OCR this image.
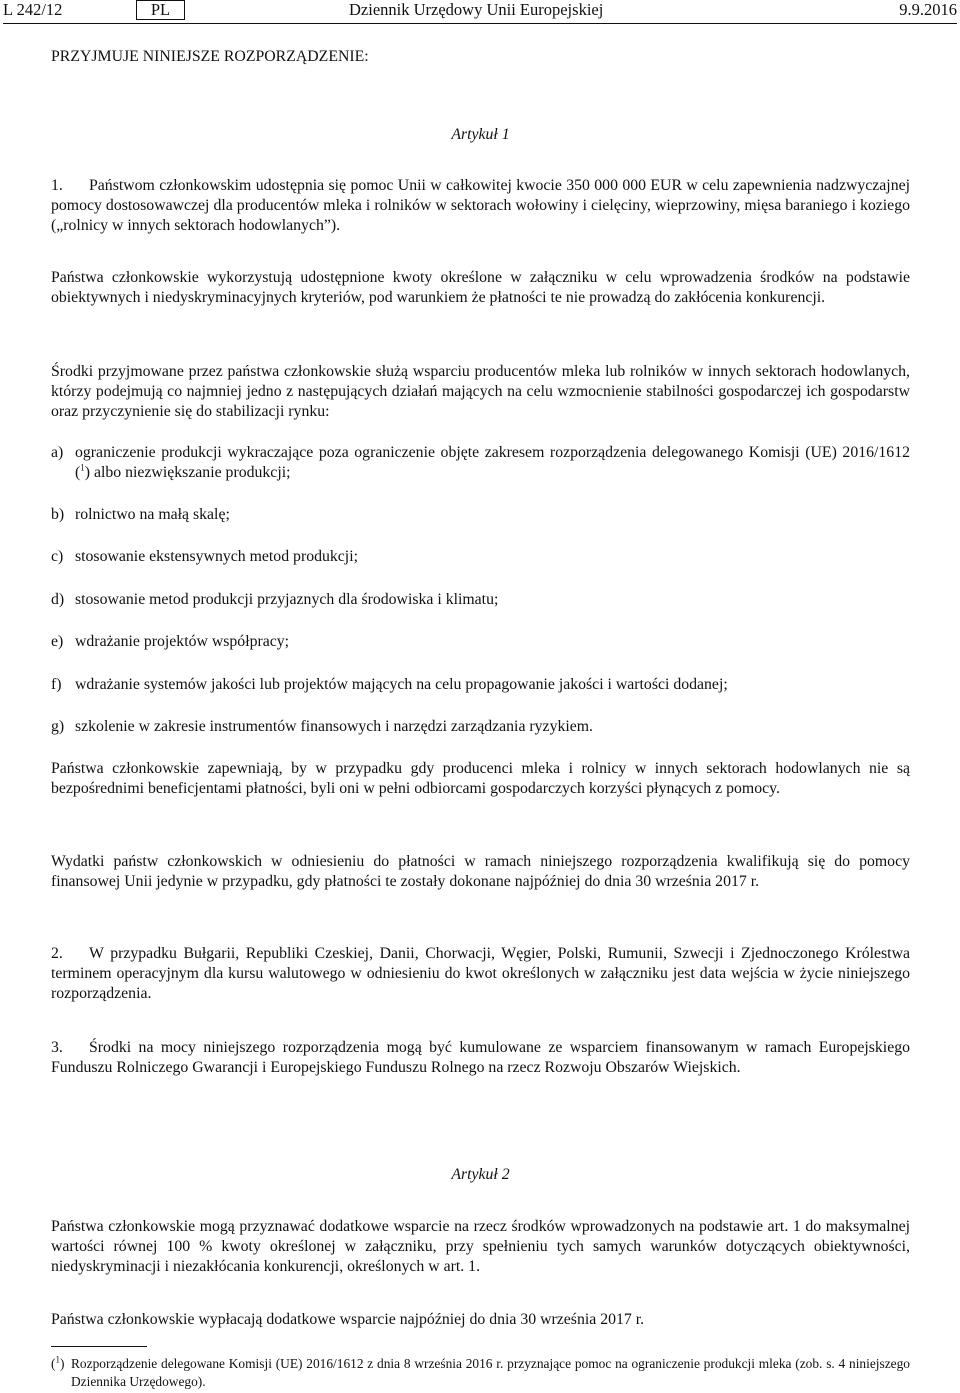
L 242/12	PL	Dziennik Urzędowy Unii Europejskiej	9.9.2016

PRZYJMUJE NINIEJSZE ROZPORZĄDZENIE:

Artykuł 1

1. Państwom członkowskim udostępnia się pomoc Unii w całkowitej kwocie 350 000 000 EUR w celu zapewnienia nadzwyczajnej pomocy dostosowawczej dla producentów mleka i rolników w sektorach wołowiny i cielęciny, wieprzowiny, mięsa baraniego i koziego („rolnicy w innych sektorach hodowlanych”).

Państwa członkowskie wykorzystują udostępnione kwoty określone w załączniku w celu wprowadzenia środków na podstawie obiektywnych i niedyskryminacyjnych kryteriów, pod warunkiem że płatności te nie prowadzą do zakłócenia konkurencji.

Środki przyjmowane przez państwa członkowskie służą wsparciu producentów mleka lub rolników w innych sektorach hodowlanych, którzy podejmują co najmniej jedno z następujących działań mających na celu wzmocnienie stabilności gospodarczej ich gospodarstw oraz przyczynienie się do stabilizacji rynku:

a) ograniczenie produkcji wykraczające poza ograniczenie objęte zakresem rozporządzenia delegowanego Komisji (UE) 2016/1612 ($^1$) albo niezwiększanie produkcji;
b) rolnictwo na małą skalę;
c) stosowanie ekstensywnych metod produkcji;
d) stosowanie metod produkcji przyjaznych dla środowiska i klimatu;
e) wdrażanie projektów współpracy;
f) wdrażanie systemów jakości lub projektów mających na celu propagowanie jakości i wartości dodanej;
g) szkolenie w zakresie instrumentów finansowych i narzędzi zarządzania ryzykiem.

Państwa członkowskie zapewniają, by w przypadku gdy producenci mleka i rolnicy w innych sektorach hodowlanych nie są bezpośrednimi beneficjentami płatności, byli oni w pełni odbiorcami gospodarczych korzyści płynących z pomocy.

Wydatki państw członkowskich w odniesieniu do płatności w ramach niniejszego rozporządzenia kwalifikują się do pomocy finansowej Unii jedynie w przypadku, gdy płatności te zostały dokonane najpóźniej do dnia 30 września 2017 r.

2. W przypadku Bułgarii, Republiki Czeskiej, Danii, Chorwacji, Węgier, Polski, Rumunii, Szwecji i Zjednoczonego Królestwa terminem operacyjnym dla kursu walutowego w odniesieniu do kwot określonych w załączniku jest data wejścia w życie niniejszego rozporządzenia.

3. Środki na mocy niniejszego rozporządzenia mogą być kumulowane ze wsparciem finansowanym w ramach Europejskiego Funduszu Rolniczego Gwarancji i Europejskiego Funduszu Rolnego na rzecz Rozwoju Obszarów Wiejskich.

Artykuł 2

Państwa członkowskie mogą przyznawać dodatkowe wsparcie na rzecz środków wprowadzonych na podstawie art. 1 do maksymalnej wartości równej 100 % kwoty określonej w załączniku, przy spełnieniu tych samych warunków dotyczących obiektywności, niedyskryminacji i niezakłócania konkurencji, określonych w art. 1.

Państwa członkowskie wypłacają dodatkowe wsparcie najpóźniej do dnia 30 września 2017 r.

($^1$) Rozporządzenie delegowane Komisji (UE) 2016/1612 z dnia 8 września 2016 r. przyznające pomoc na ograniczenie produkcji mleka (zob. s. 4 niniejszego Dziennika Urzędowego).
